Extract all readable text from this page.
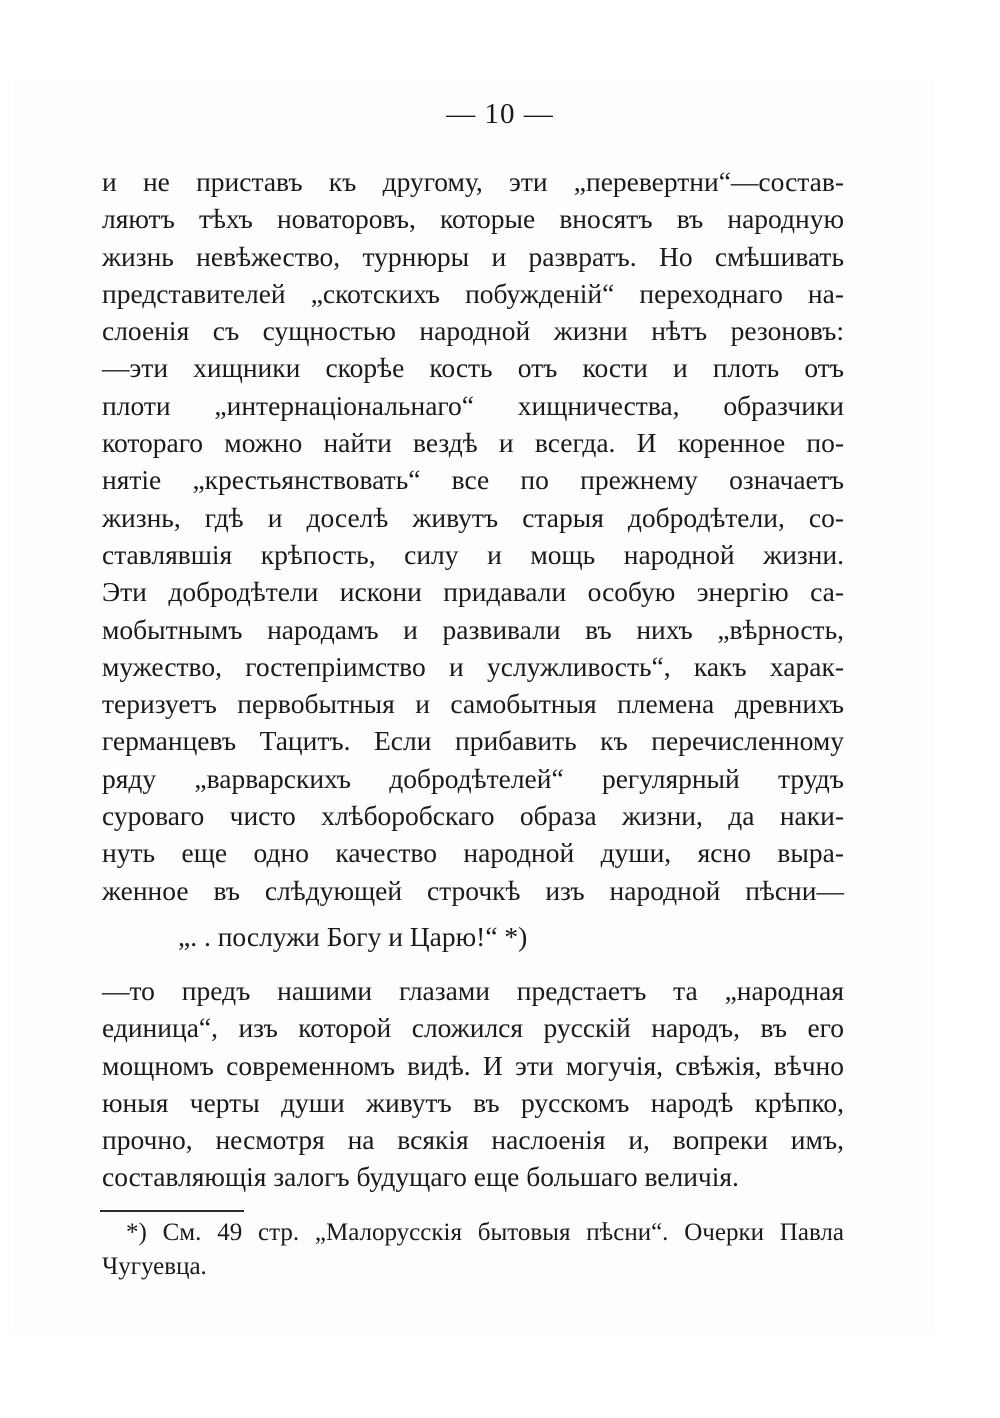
— 10 —
и не приставъ къ другому, эти „перевертни“—состав-
ляютъ тѣхъ новаторовъ, которые вносятъ въ народную
жизнь невѣжество, турнюры и развратъ. Но смѣшивать
представителей „скотскихъ побужденій“ переходнаго на-
слоенія съ сущностью народной жизни нѣтъ резоновъ:
—эти хищники скорѣе кость отъ кости и плоть отъ
плоти „интернаціональнаго“ хищничества, образчики
котораго можно найти вездѣ и всегда. И коренное по-
нятіе „крестьянствовать“ все по прежнему означаетъ
жизнь, гдѣ и доселѣ живутъ старыя добродѣтели, со-
ставлявшія крѣпость, силу и мощь народной жизни.
Эти добродѣтели искони придавали особую энергію са-
мобытнымъ народамъ и развивали въ нихъ „вѣрность,
мужество, гостепріимство и услужливость“, какъ харак-
теризуетъ первобытныя и самобытныя племена древнихъ
германцевъ Тацитъ. Если прибавить къ перечисленному
ряду „варварскихъ добродѣтелей“ регулярный трудъ
суроваго чисто хлѣборобскаго образа жизни, да наки-
нуть еще одно качество народной души, ясно выра-
женное въ слѣдующей строчкѣ изъ народной пѣсни—
„. . послужи Богу и Царю!“ *)
—то предъ нашими глазами предстаетъ та „народная
единица“, изъ которой сложился русскій народъ, въ его
мощномъ современномъ видѣ. И эти могучія, свѣжія, вѣчно
юныя черты души живутъ въ русскомъ народѣ крѣпко,
прочно, несмотря на всякія наслоенія и, вопреки имъ,
составляющія залогъ будущаго еще большаго величія.
*) См. 49 стр. „Малорусскія бытовыя пѣсни“. Очерки Павла
Чугуевца.
